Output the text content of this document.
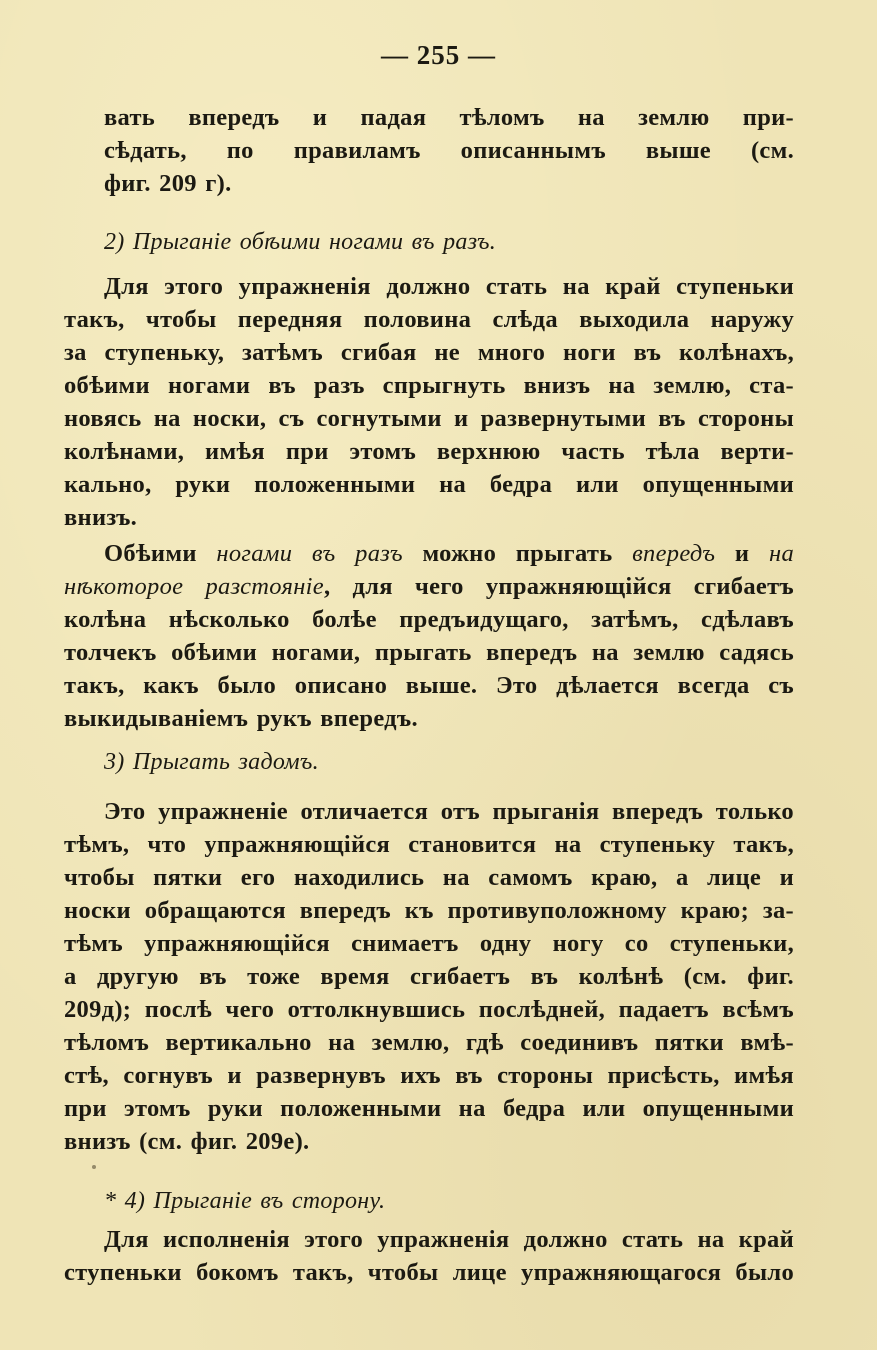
— 255 —
вать впередъ и падая тѣломъ на землю при-
сѣдать, по правиламъ описаннымъ выше (см.
фиг. 209 г).
2) Прыганіе обѣими ногами въ разъ.
Для этого упражненія должно стать на край ступеньки
такъ, чтобы передняя половина слѣда выходила наружу
за ступеньку, затѣмъ сгибая не много ноги въ колѣнахъ,
обѣими ногами въ разъ спрыгнуть внизъ на землю, ста-
новясь на носки, съ согнутыми и развернутыми въ стороны
колѣнами, имѣя при этомъ верхнюю часть тѣла верти-
кально, руки положенными на бедра или опущенными
внизъ.
Обѣими ногами въ разъ можно прыгать впередъ и на
нѣкоторое разстояніе, для чего упражняющійся сгибаетъ
колѣна нѣсколько болѣе предъидущаго, затѣмъ, сдѣлавъ
толчекъ обѣими ногами, прыгать впередъ на землю садясь
такъ, какъ было описано выше. Это дѣлается всегда съ
выкидываніемъ рукъ впередъ.
3) Прыгать задомъ.
Это упражненіе отличается отъ прыганія впередъ только
тѣмъ, что упражняющійся становится на ступеньку такъ,
чтобы пятки его находились на самомъ краю, а лице и
носки обращаются впередъ къ противуположному краю; за-
тѣмъ упражняющійся снимаетъ одну ногу со ступеньки,
а другую въ тоже время сгибаетъ въ колѣнѣ (см. фиг.
209д); послѣ чего оттолкнувшись послѣдней, падаетъ всѣмъ
тѣломъ вертикально на землю, гдѣ соединивъ пятки вмѣ-
стѣ, согнувъ и развернувъ ихъ въ стороны присѣсть, имѣя
при этомъ руки положенными на бедра или опущенными
внизъ (см. фиг. 209е).
* 4) Прыганіе въ сторону.
Для исполненія этого упражненія должно стать на край
ступеньки бокомъ такъ, чтобы лице упражняющагося было
